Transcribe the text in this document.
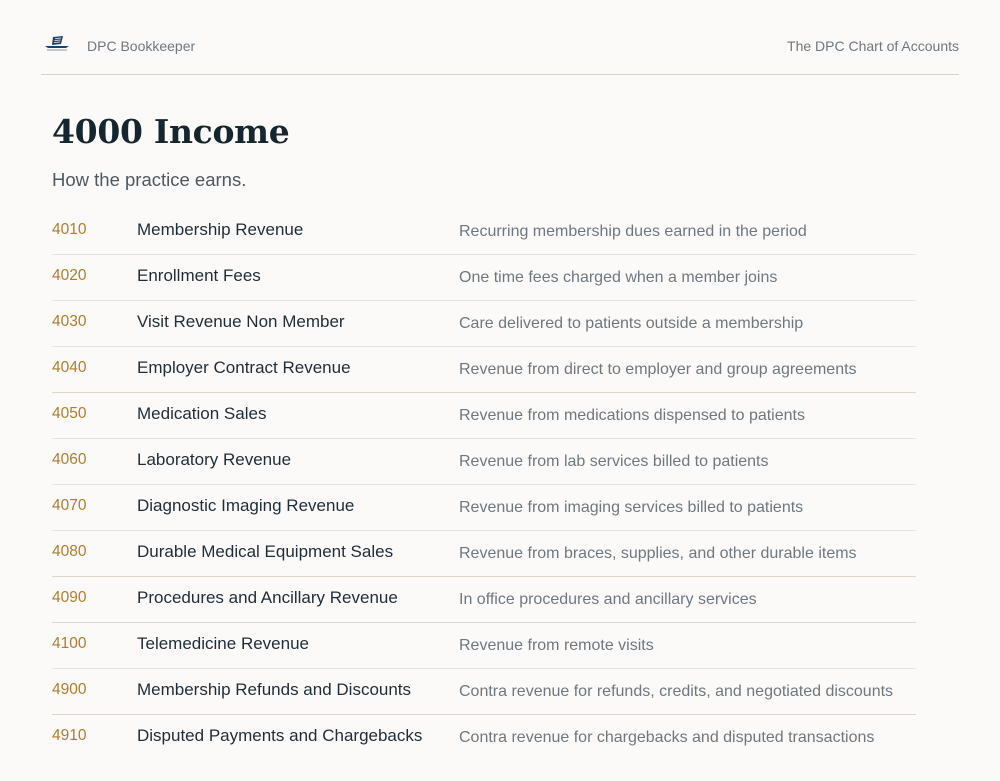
DPC Bookkeeper	The DPC Chart of Accounts
4000 Income
How the practice earns.
4010	Membership Revenue	Recurring membership dues earned in the period
4020	Enrollment Fees	One time fees charged when a member joins
4030	Visit Revenue Non Member	Care delivered to patients outside a membership
4040	Employer Contract Revenue	Revenue from direct to employer and group agreements
4050	Medication Sales	Revenue from medications dispensed to patients
4060	Laboratory Revenue	Revenue from lab services billed to patients
4070	Diagnostic Imaging Revenue	Revenue from imaging services billed to patients
4080	Durable Medical Equipment Sales	Revenue from braces, supplies, and other durable items
4090	Procedures and Ancillary Revenue	In office procedures and ancillary services
4100	Telemedicine Revenue	Revenue from remote visits
4900	Membership Refunds and Discounts	Contra revenue for refunds, credits, and negotiated discounts
4910	Disputed Payments and Chargebacks	Contra revenue for chargebacks and disputed transactions
